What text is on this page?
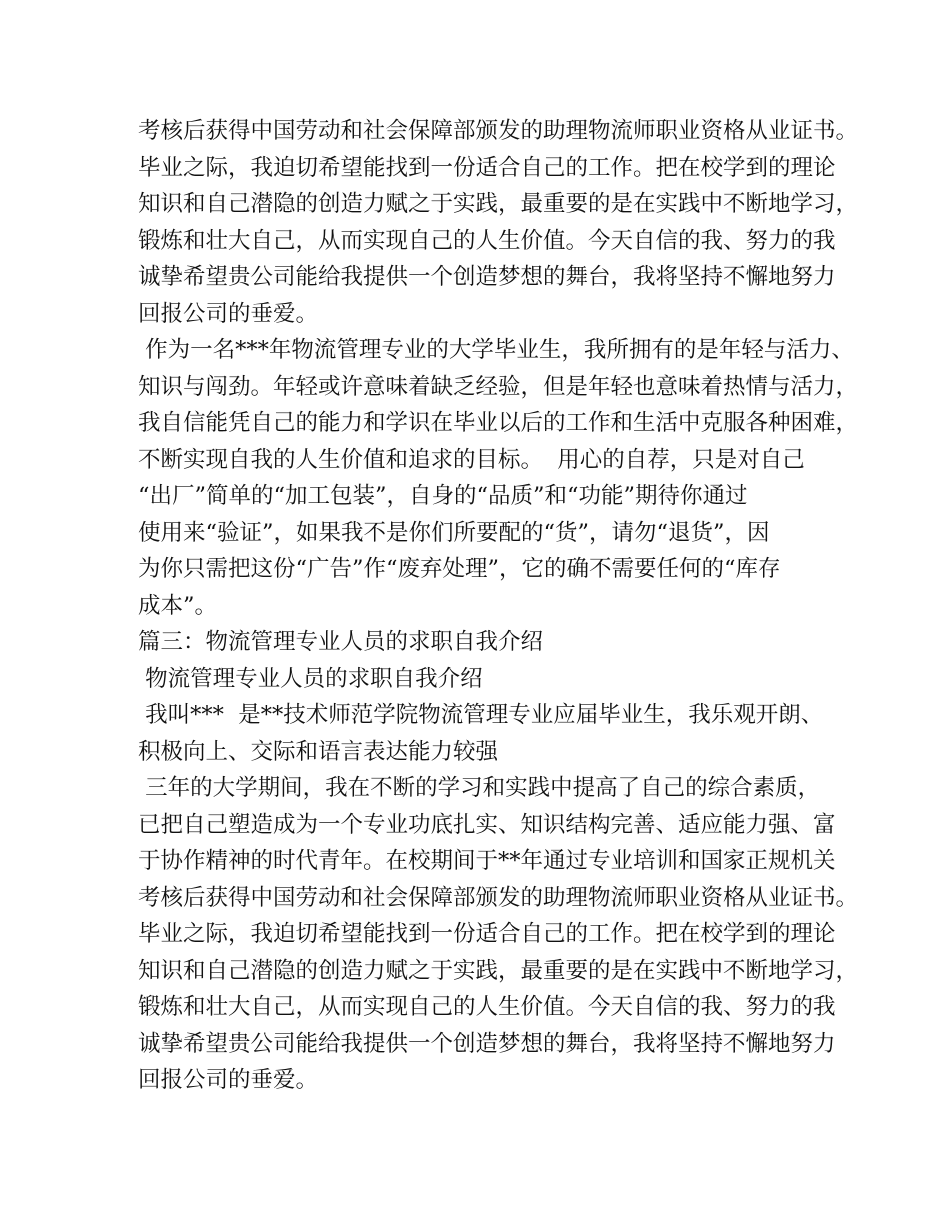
考核后获得中国劳动和社会保障部颁发的助理物流师职业资格从业证书。
毕业之际，我迫切希望能找到一份适合自己的工作。把在校学到的理论
知识和自己潜隐的创造力赋之于实践，最重要的是在实践中不断地学习，
锻炼和壮大自己，从而实现自己的人生价值。今天自信的我、努力的我
诚挚希望贵公司能给我提供一个创造梦想的舞台，我将坚持不懈地努力
回报公司的垂爱。
作为一名***年物流管理专业的大学毕业生，我所拥有的是年轻与活力、
知识与闯劲。年轻或许意味着缺乏经验，但是年轻也意味着热情与活力，
我自信能凭自己的能力和学识在毕业以后的工作和生活中克服各种困难，
不断实现自我的人生价值和追求的目标。  用心的自荐，只是对自己
“出厂”简单的“加工包装”，自身的“品质”和“功能”期待你通过
使用来“验证”，如果我不是你们所要配的“货”，请勿“退货”，因
为你只需把这份“广告”作“废弃处理”，它的确不需要任何的“库存
成本”。
篇三：物流管理专业人员的求职自我介绍
物流管理专业人员的求职自我介绍
我叫***  是**技术师范学院物流管理专业应届毕业生，我乐观开朗、
积极向上、交际和语言表达能力较强
三年的大学期间，我在不断的学习和实践中提高了自己的综合素质，
已把自己塑造成为一个专业功底扎实、知识结构完善、适应能力强、富
于协作精神的时代青年。在校期间于**年通过专业培训和国家正规机关
考核后获得中国劳动和社会保障部颁发的助理物流师职业资格从业证书。
毕业之际，我迫切希望能找到一份适合自己的工作。把在校学到的理论
知识和自己潜隐的创造力赋之于实践，最重要的是在实践中不断地学习，
锻炼和壮大自己，从而实现自己的人生价值。今天自信的我、努力的我
诚挚希望贵公司能给我提供一个创造梦想的舞台，我将坚持不懈地努力
回报公司的垂爱。
